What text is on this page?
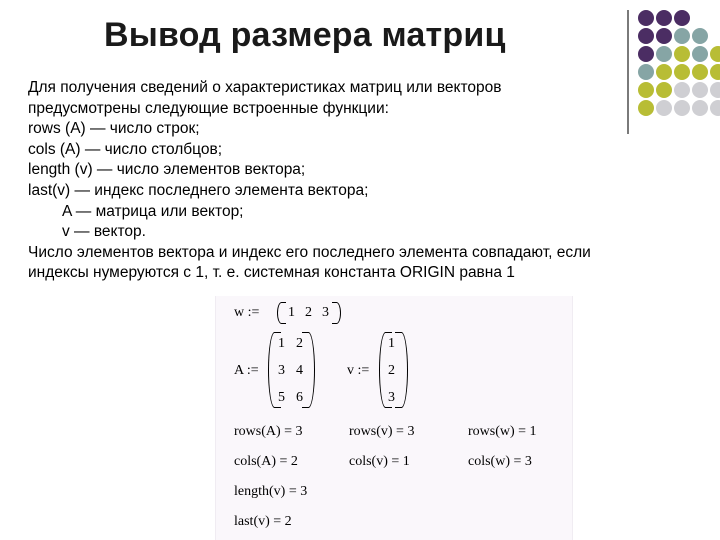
Вывод размера матриц
Для получения сведений о характеристиках матриц или векторов
предусмотрены следующие встроенные функции:
rows (A) — число строк;
cols (A) — число столбцов;
length (v) — число элементов вектора;
last(v) — индекс последнего элемента вектора;
A — матрица или вектор;
v — вектор.
Число элементов вектора и индекс его последнего элемента совпадают, если
индексы нумеруются с 1, т. е. системная константа ORIGIN равна 1
w := 1 2 3
A :=
1 2
3 4
5 6
v :=
1
2
3
rows(A) = 3	rows(v) = 3	rows(w) = 1
cols(A) = 2	cols(v) = 1	cols(w) = 3
length(v) = 3
last(v) = 2
